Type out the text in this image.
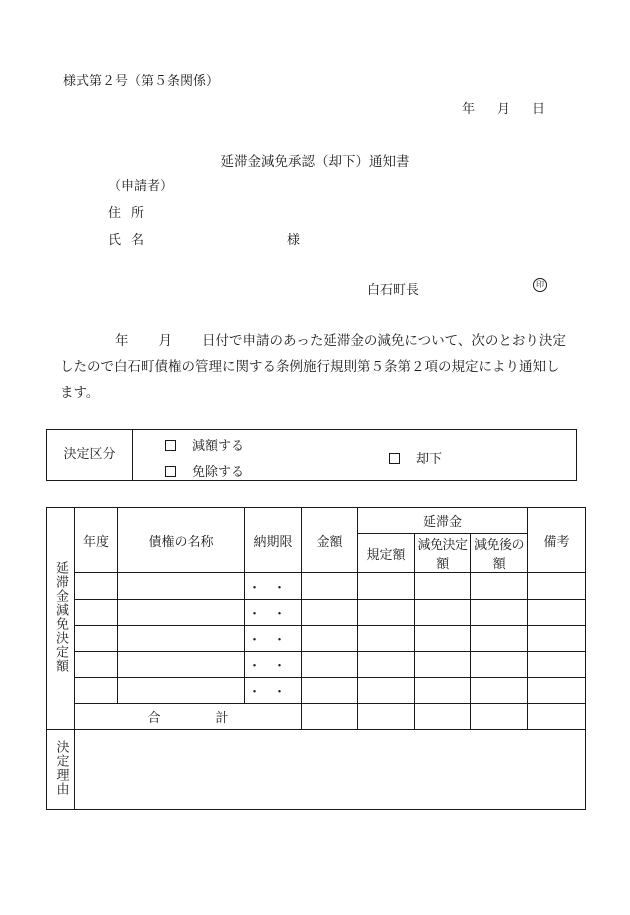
様式第２号（第５条関係）
年 月 日
延滞金減免承認（却下）通知書
（申請者）
住所
氏名	様
白石町長	印
年 月 日付で申請のあった延滞金の減免について、次のとおり決定
したので白石町債権の管理に関する条例施行規則第５条第２項の規定により通知し
ます。
決定区分
減額する
免除する
却下
延滞金減免決定額	年度	債権の名称	納期限	金額	延滞金			備考
					規定額	減免決定額	減免後の額	
			・・					
			・・					
			・・					
			・・					
			・・					
	合 計							
決定理由								
